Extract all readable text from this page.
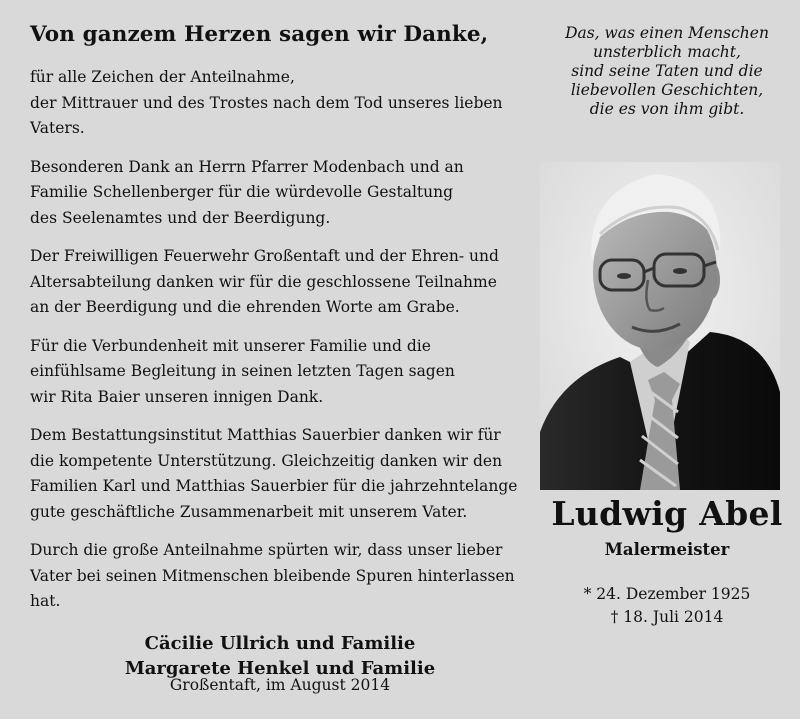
Von ganzem Herzen sagen wir Danke,

für alle Zeichen der Anteilnahme,
der Mittrauer und des Trostes nach dem Tod unseres lieben Vaters.

Besonderen Dank an Herrn Pfarrer Modenbach und an
Familie Schellenberger für die würdevolle Gestaltung
des Seelenamtes und der Beerdigung.

Der Freiwilligen Feuerwehr Großentaft und der Ehren- und
Altersabteilung danken wir für die geschlossene Teilnahme
an der Beerdigung und die ehrenden Worte am Grabe.

Für die Verbundenheit mit unserer Familie und die
einfühlsame Begleitung in seinen letzten Tagen sagen
wir Rita Baier unseren innigen Dank.

Dem Bestattungsinstitut Matthias Sauerbier danken wir für
die kompetente Unterstützung. Gleichzeitig danken wir den
Familien Karl und Matthias Sauerbier für die jahrzehntelange
gute geschäftliche Zusammenarbeit mit unserem Vater.

Durch die große Anteilnahme spürten wir, dass unser lieber
Vater bei seinen Mitmenschen bleibende Spuren hinterlassen hat.

Cäcilie Ullrich und Familie
Margarete Henkel und Familie
Großentaft, im August 2014
Das, was einen Menschen
unsterblich macht,
sind seine Taten und die
liebevollen Geschichten,
die es von ihm gibt.
Ludwig Abel
Malermeister
* 24. Dezember 1925
† 18. Juli 2014
